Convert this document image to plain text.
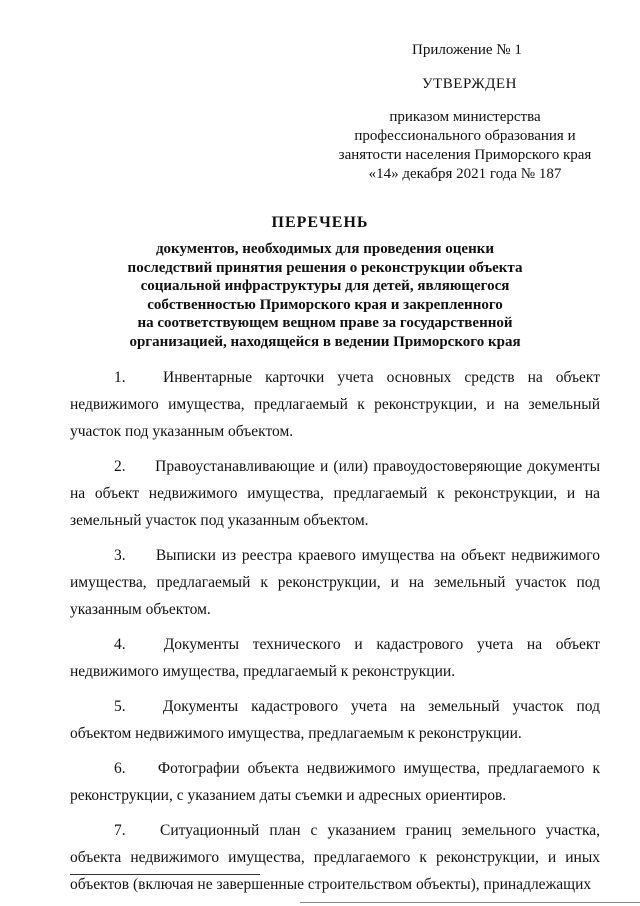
Приложение № 1
УТВЕРЖДЕН
приказом министерства
профессионального образования и
занятости населения Приморского края
«14» декабря 2021 года № 187
ПЕРЕЧЕНЬ
документов, необходимых для проведения оценки
последствий принятия решения о реконструкции объекта
социальной инфраструктуры для детей, являющегося
собственностью Приморского края и закрепленного
на соответствующем вещном праве за государственной
организацией, находящейся в ведении Приморского края

1. Инвентарные карточки учета основных средств на объект недвижимого имущества, предлагаемый к реконструкции, и на земельный участок под указанным объектом.

2. Правоустанавливающие и (или) правоудостоверяющие документы на объект недвижимого имущества, предлагаемый к реконструкции, и на земельный участок под указанным объектом.

3. Выписки из реестра краевого имущества на объект недвижимого имущества, предлагаемый к реконструкции, и на земельный участок под указанным объектом.

4. Документы технического и кадастрового учета на объект недвижимого имущества, предлагаемый к реконструкции.

5. Документы кадастрового учета на земельный участок под объектом недвижимого имущества, предлагаемым к реконструкции.

6. Фотографии объекта недвижимого имущества, предлагаемого к реконструкции, с указанием даты съемки и адресных ориентиров.

7. Ситуационный план с указанием границ земельного участка, объекта недвижимого имущества, предлагаемого к реконструкции, и иных объектов (включая не завершенные строительством объекты), принадлежащих
